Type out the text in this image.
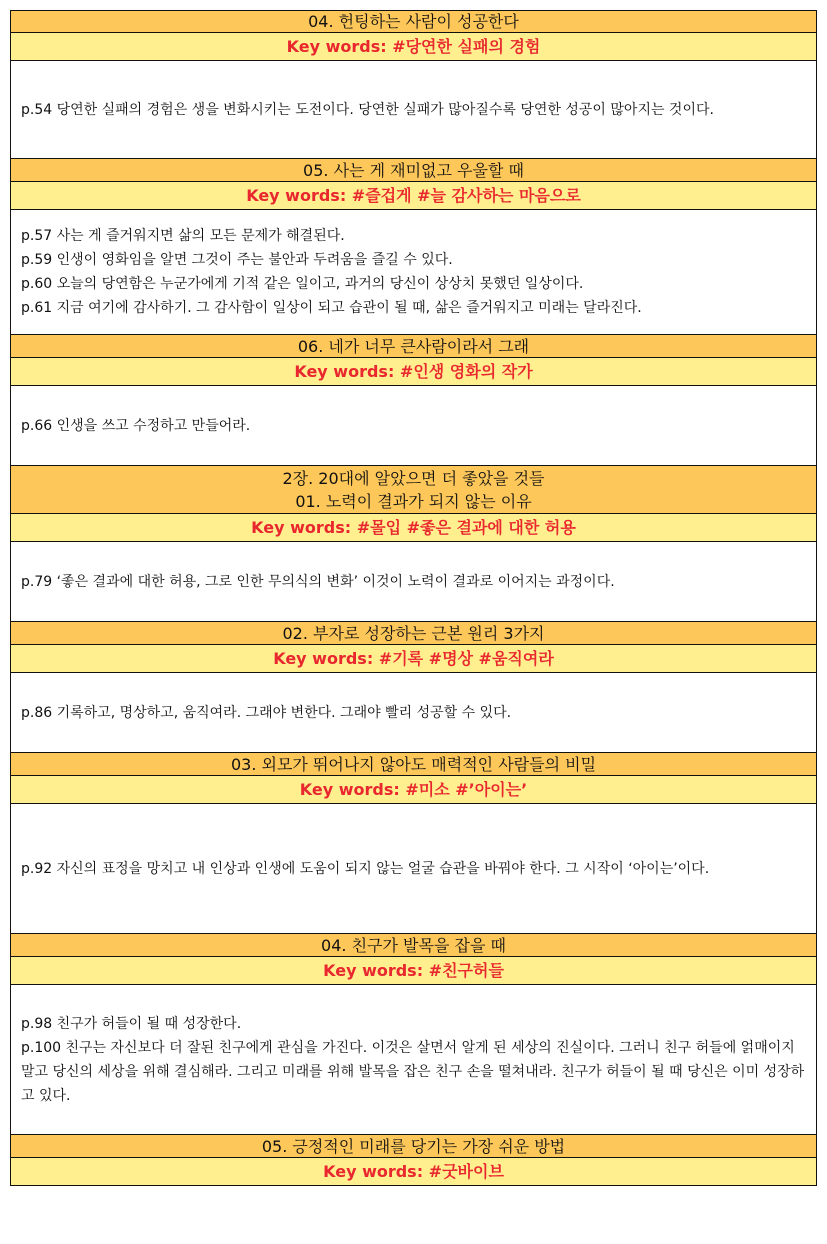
04. 헌팅하는 사람이 성공한다
Key words: #당연한 실패의 경험

p.54 당연한 실패의 경험은 생을 변화시키는 도전이다. 당연한 실패가 많아질수록 당연한 성공이 많아지는 것이다.

05. 사는 게 재미없고 우울할 때
Key words: #즐겁게 #늘 감사하는 마음으로

p.57 사는 게 즐거워지면 삶의 모든 문제가 해결된다.

p.59 인생이 영화임을 알면 그것이 주는 불안과 두려움을 즐길 수 있다.

p.60 오늘의 당연함은 누군가에게 기적 같은 일이고, 과거의 당신이 상상치 못했던 일상이다.

p.61 지금 여기에 감사하기. 그 감사함이 일상이 되고 습관이 될 때, 삶은 즐거워지고 미래는 달라진다.

06. 네가 너무 큰사람이라서 그래
Key words: #인생 영화의 작가

p.66 인생을 쓰고 수정하고 만들어라.

2장. 20대에 알았으면 더 좋았을 것들
01. 노력이 결과가 되지 않는 이유
Key words: #몰입 #좋은 결과에 대한 허용

p.79 ‘좋은 결과에 대한 허용, 그로 인한 무의식의 변화’ 이것이 노력이 결과로 이어지는 과정이다.

02. 부자로 성장하는 근본 원리 3가지
Key words: #기록 #명상 #움직여라

p.86 기록하고, 명상하고, 움직여라. 그래야 변한다. 그래야 빨리 성공할 수 있다.

03. 외모가 뛰어나지 않아도 매력적인 사람들의 비밀
Key words: #미소 #’아이는’

p.92 자신의 표정을 망치고 내 인상과 인생에 도움이 되지 않는 얼굴 습관을 바꿔야 한다. 그 시작이 ‘아이는’이다.

04. 친구가 발목을 잡을 때
Key words: #친구허들

p.98 친구가 허들이 될 때 성장한다.

p.100 친구는 자신보다 더 잘된 친구에게 관심을 가진다. 이것은 살면서 알게 된 세상의 진실이다. 그러니 친구 허들에 얽매이지 말고 당신의 세상을 위해 결심해라. 그리고 미래를 위해 발목을 잡은 친구 손을 떨쳐내라. 친구가 허들이 될 때 당신은 이미 성장하고 있다.

05. 긍정적인 미래를 당기는 가장 쉬운 방법
Key words: #굿바이브
